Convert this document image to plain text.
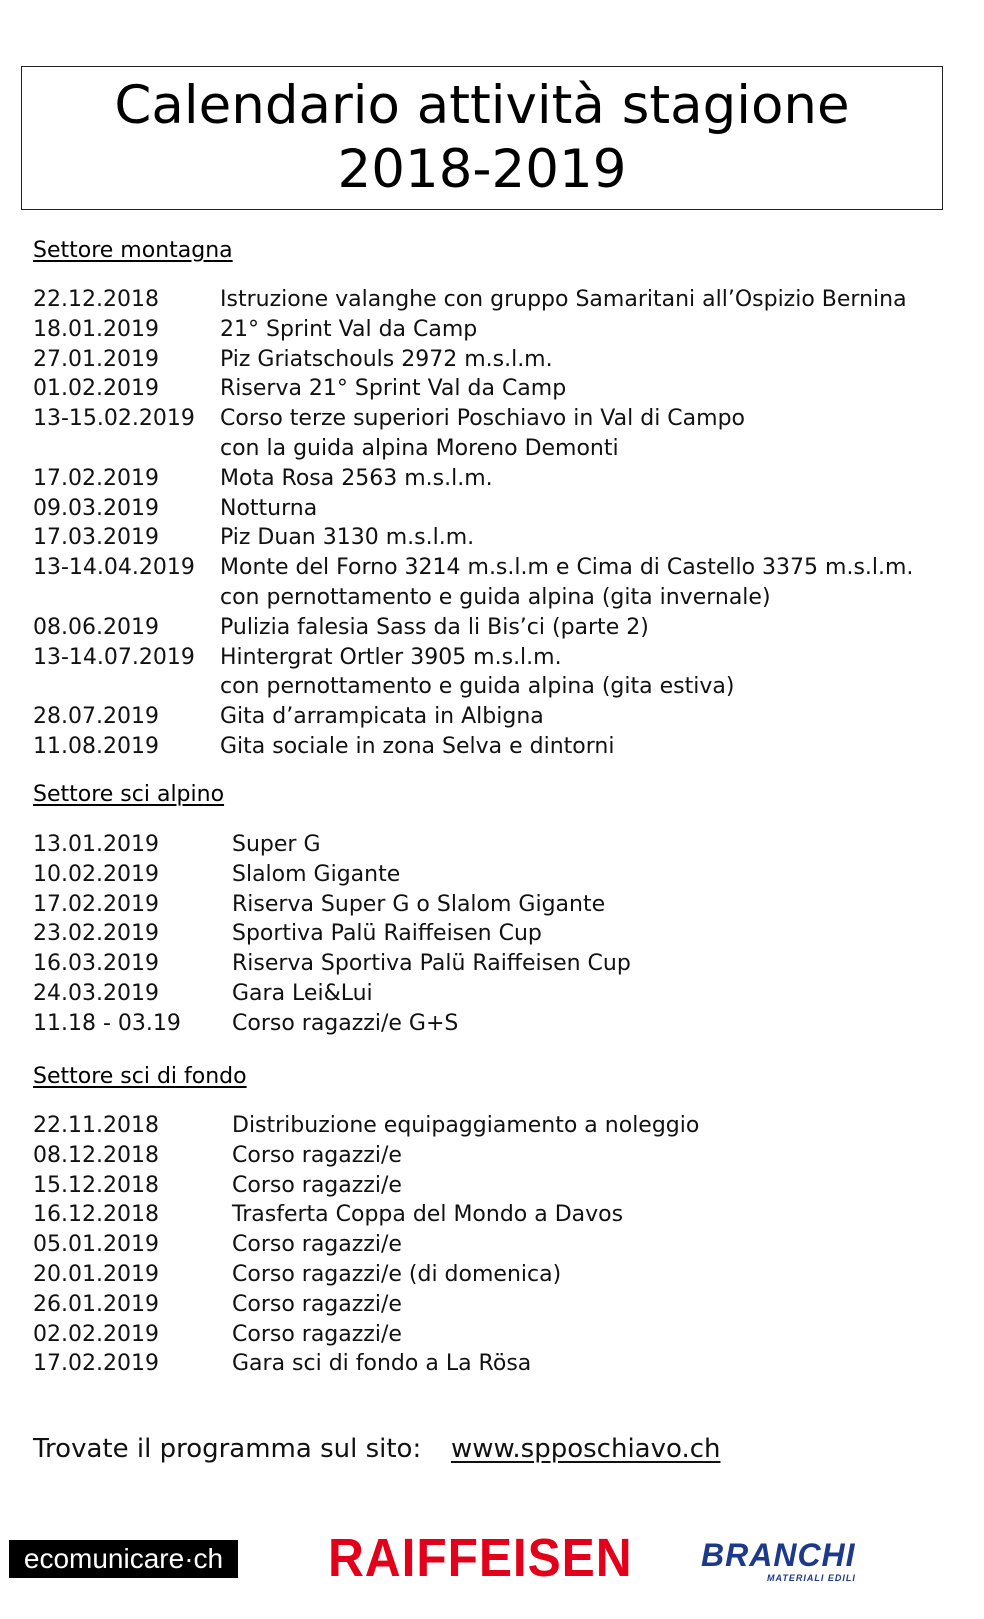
Calendario attività stagione
2018-2019
Settore montagna
22.12.2018	Istruzione valanghe con gruppo Samaritani all’Ospizio Bernina
18.01.2019	21° Sprint Val da Camp
27.01.2019	Piz Griatschouls 2972 m.s.l.m.
01.02.2019	Riserva 21° Sprint Val da Camp
13-15.02.2019	Corso terze superiori Poschiavo in Val di Campo
con la guida alpina Moreno Demonti
17.02.2019	Mota Rosa 2563 m.s.l.m.
09.03.2019	Notturna
17.03.2019	Piz Duan 3130 m.s.l.m.
13-14.04.2019	Monte del Forno 3214 m.s.l.m e Cima di Castello 3375 m.s.l.m.
con pernottamento e guida alpina (gita invernale)
08.06.2019	Pulizia falesia Sass da li Bis’ci (parte 2)
13-14.07.2019	Hintergrat Ortler 3905 m.s.l.m.
con pernottamento e guida alpina (gita estiva)
28.07.2019	Gita d’arrampicata in Albigna
11.08.2019	Gita sociale in zona Selva e dintorni
Settore sci alpino
13.01.2019	Super G
10.02.2019	Slalom Gigante
17.02.2019	Riserva Super G o Slalom Gigante
23.02.2019	Sportiva Palü Raiffeisen Cup
16.03.2019	Riserva Sportiva Palü Raiffeisen Cup
24.03.2019	Gara Lei&Lui
11.18 - 03.19	Corso ragazzi/e G+S
Settore sci di fondo
22.11.2018	Distribuzione equipaggiamento a noleggio
08.12.2018	Corso ragazzi/e
15.12.2018	Corso ragazzi/e
16.12.2018	Trasferta Coppa del Mondo a Davos
05.01.2019	Corso ragazzi/e
20.01.2019	Corso ragazzi/e (di domenica)
26.01.2019	Corso ragazzi/e
02.02.2019	Corso ragazzi/e
17.02.2019	Gara sci di fondo a La Rösa
Trovate il programma sul sito: www.spposchiavo.ch
ecomunicare·ch RAIFFEISEN BRANCHI
MATERIALI EDILI
